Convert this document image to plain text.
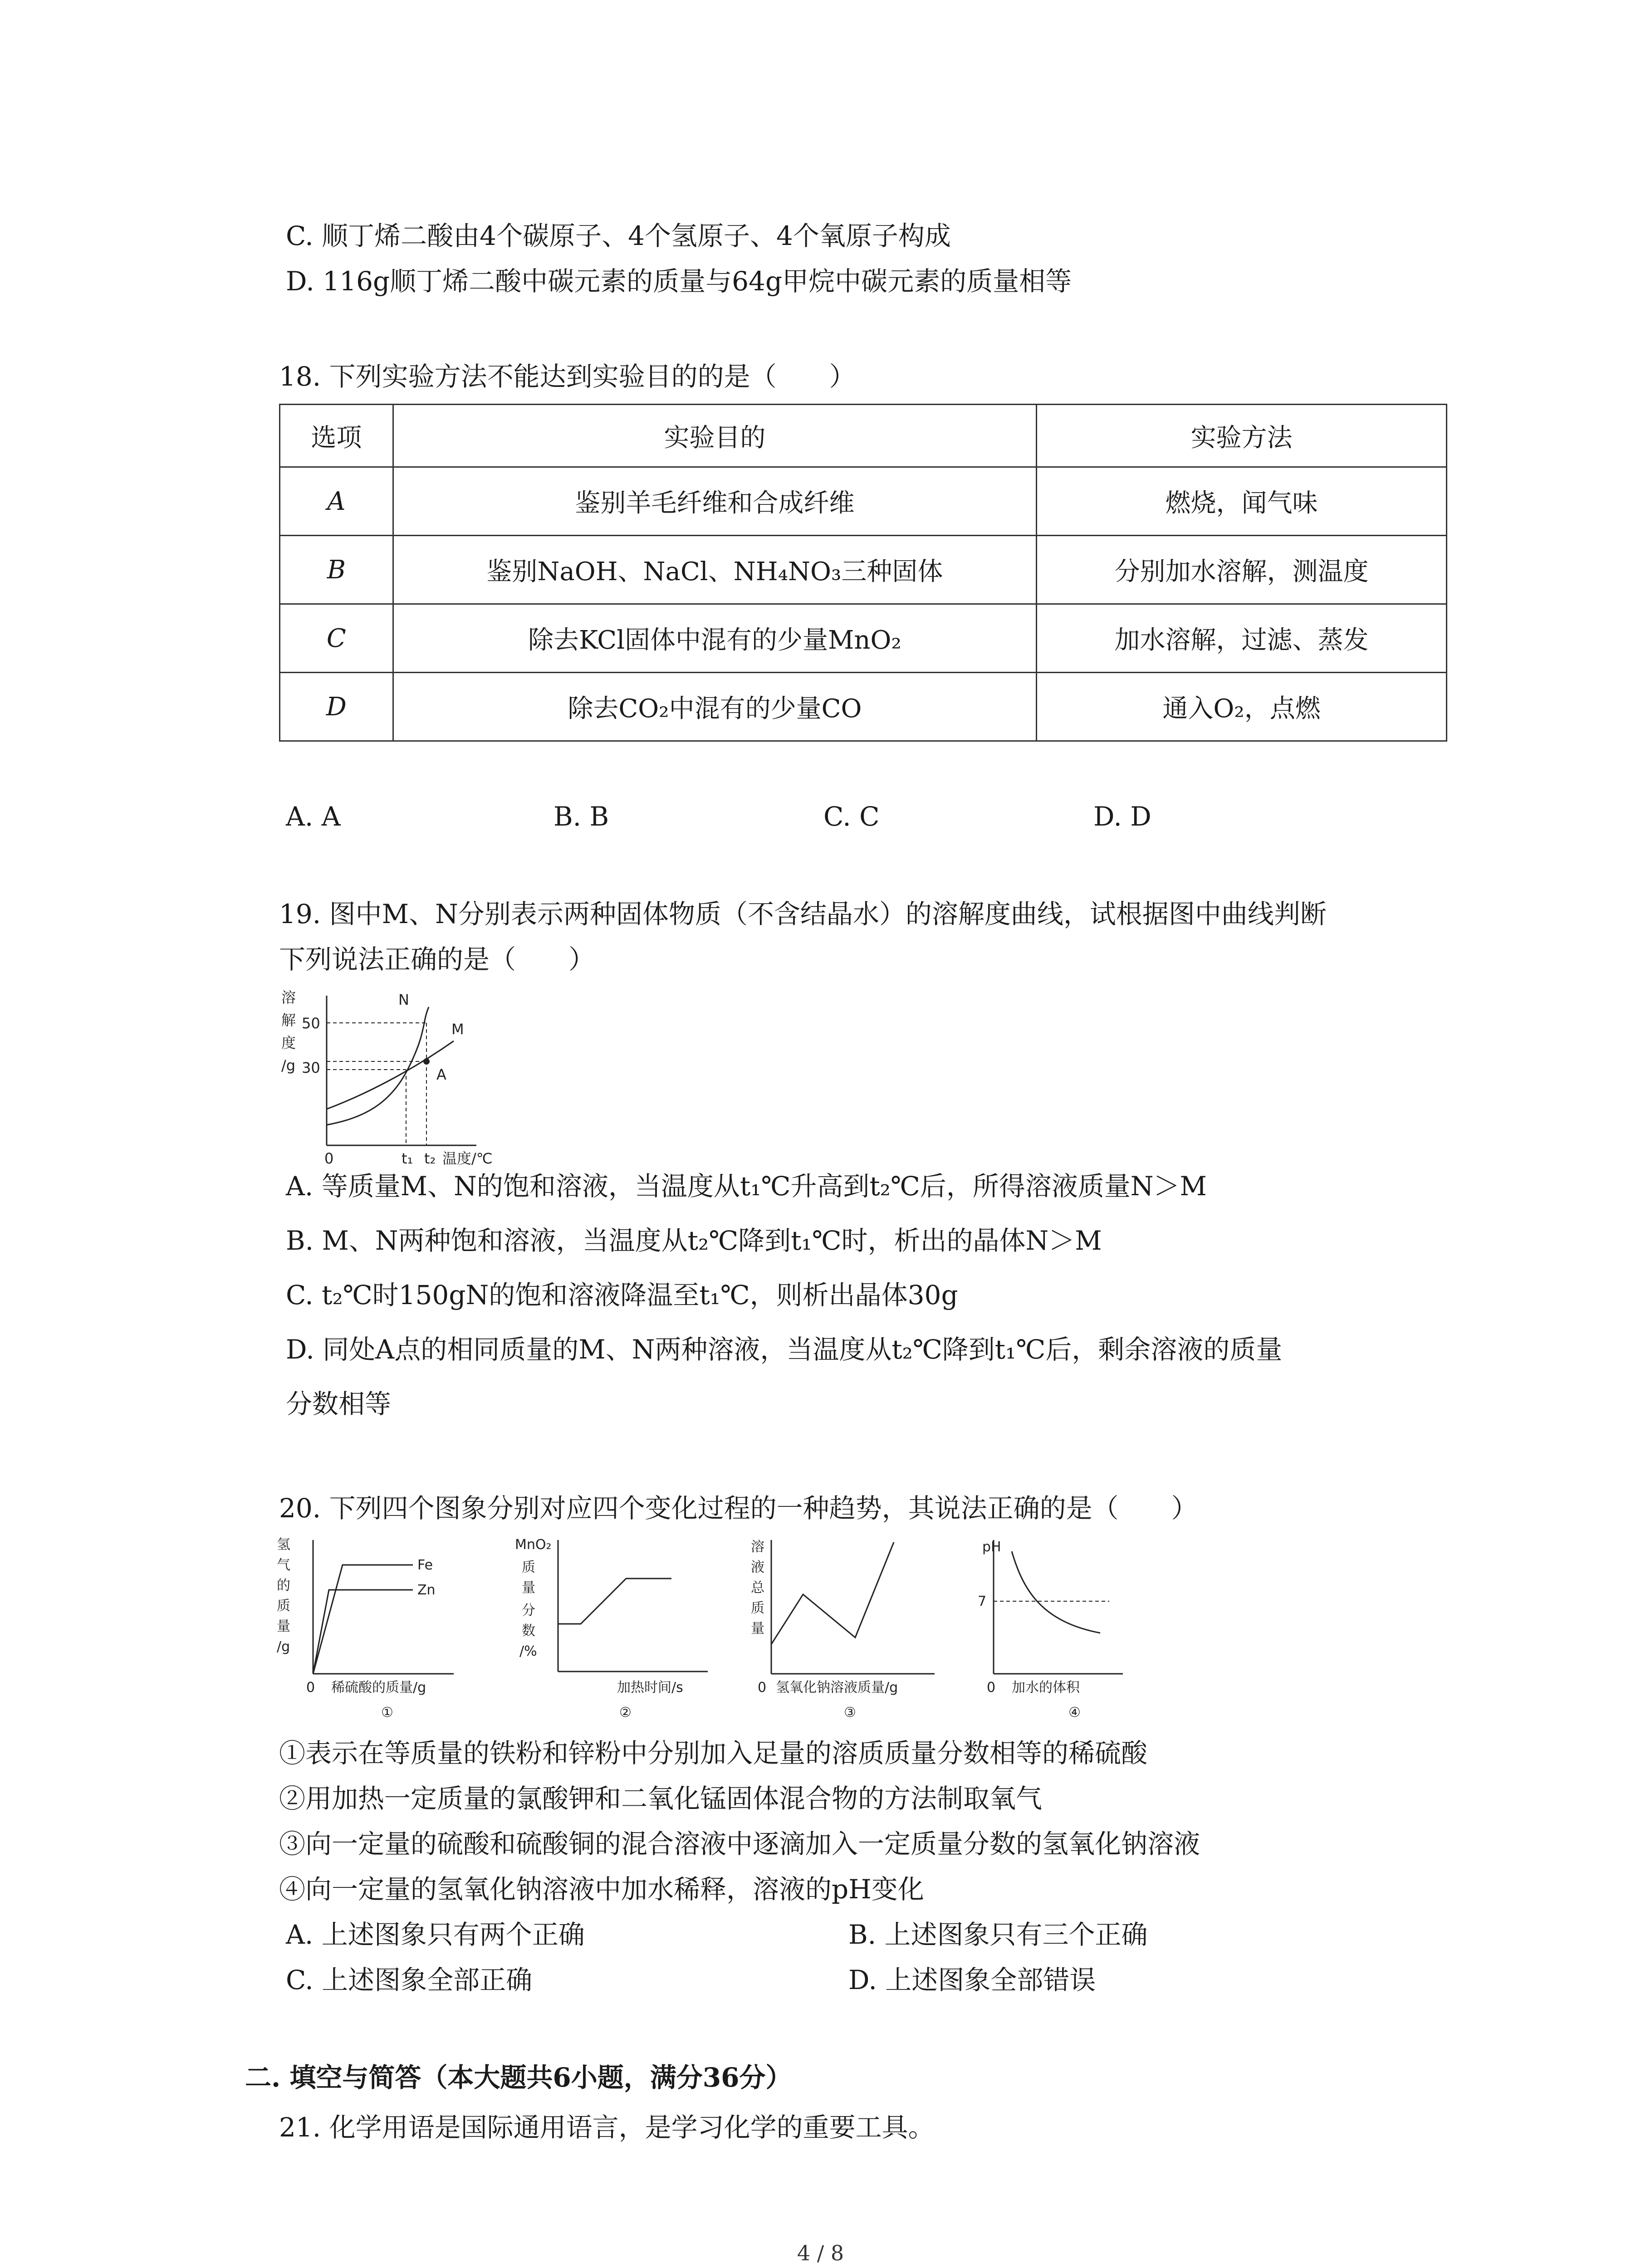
C. 顺丁烯二酸由4个碳原子、4个氢原子、4个氧原子构成
D. 116g顺丁烯二酸中碳元素的质量与64g甲烷中碳元素的质量相等
18. 下列实验方法不能达到实验目的的是（　　）
选项	实验目的	实验方法
A	鉴别羊毛纤维和合成纤维	燃烧，闻气味
B	鉴别NaOH、NaCl、NH₄NO₃三种固体	分别加水溶解，测温度
C	除去KCl固体中混有的少量MnO₂	加水溶解，过滤、蒸发
D	除去CO₂中混有的少量CO	通入O₂，点燃
A. A	B. B	C. C	D. D
19. 图中M、N分别表示两种固体物质（不含结晶水）的溶解度曲线，试根据图中曲线判断
下列说法正确的是（　　）
溶
解
度
/g
50
30
0	t₁ t₂ 温度/℃
N
M
A
A. 等质量M、N的饱和溶液，当温度从t₁℃升高到t₂℃后，所得溶液质量N＞M
B. M、N两种饱和溶液，当温度从t₂℃降到t₁℃时，析出的晶体N＞M
C. t₂℃时150gN的饱和溶液降温至t₁℃，则析出晶体30g
D. 同处A点的相同质量的M、N两种溶液，当温度从t₂℃降到t₁℃后，剩余溶液的质量
分数相等
20. 下列四个图象分别对应四个变化过程的一种趋势，其说法正确的是（　　）
氢
气
的
质
量
/g
Fe
Zn
0 稀硫酸的质量/g
①
MnO₂
质
量
分
数
/%
加热时间/s
②
溶
液
总
质
量
0 氢氧化钠溶液质量/g
③
pH
7
0 加水的体积
④
①表示在等质量的铁粉和锌粉中分别加入足量的溶质质量分数相等的稀硫酸
②用加热一定质量的氯酸钾和二氧化锰固体混合物的方法制取氧气
③向一定量的硫酸和硫酸铜的混合溶液中逐滴加入一定质量分数的氢氧化钠溶液
④向一定量的氢氧化钠溶液中加水稀释，溶液的pH变化
A. 上述图象只有两个正确	B. 上述图象只有三个正确
C. 上述图象全部正确	D. 上述图象全部错误
二. 填空与简答（本大题共6小题，满分36分）
21. 化学用语是国际通用语言，是学习化学的重要工具。
4 / 8
